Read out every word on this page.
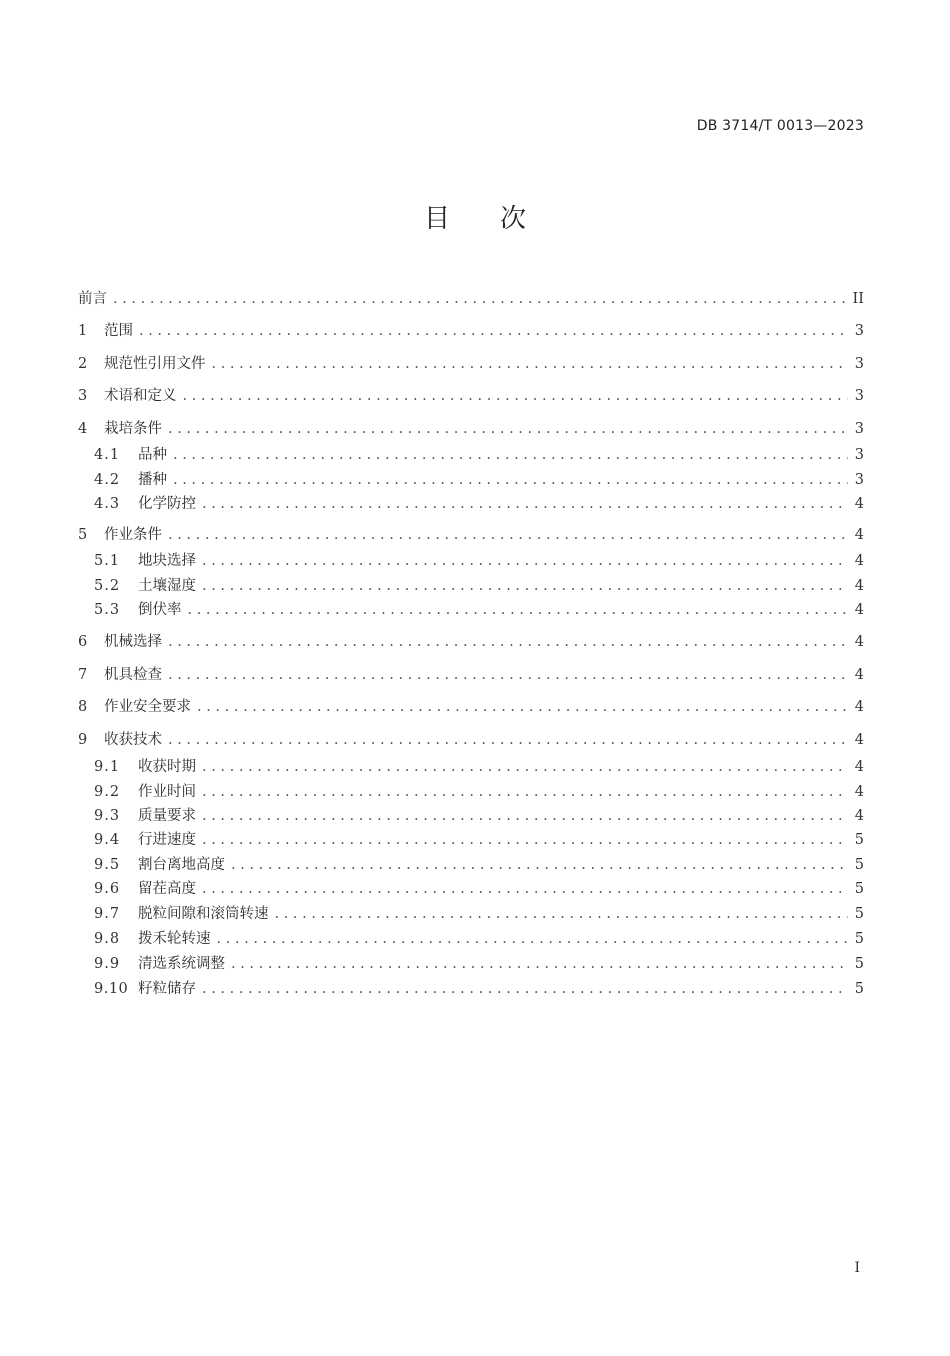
DB 3714/T 0013—2023
目 次
前言 . . .	II
1	范围 . . .	3
2	规范性引用文件 . . .	3
3	术语和定义 . . .	3
4	栽培条件 . . .	3
4.1	品种 . . .	3
4.2	播种 . . .	3
4.3	化学防控 . . .	4
5	作业条件 . . .	4
5.1	地块选择 . . .	4
5.2	土壤湿度 . . .	4
5.3	倒伏率 . . .	4
6	机械选择 . . .	4
7	机具检查 . . .	4
8	作业安全要求 . . .	4
9	收获技术 . . .	4
9.1	收获时期 . . .	4
9.2	作业时间 . . .	4
9.3	质量要求 . . .	4
9.4	行进速度 . . .	5
9.5	割台离地高度 . . .	5
9.6	留茬高度 . . .	5
9.7	脱粒间隙和滚筒转速 . . .	5
9.8	拨禾轮转速 . . .	5
9.9	清选系统调整 . . .	5
9.10 籽粒储存 . . .	5
I
